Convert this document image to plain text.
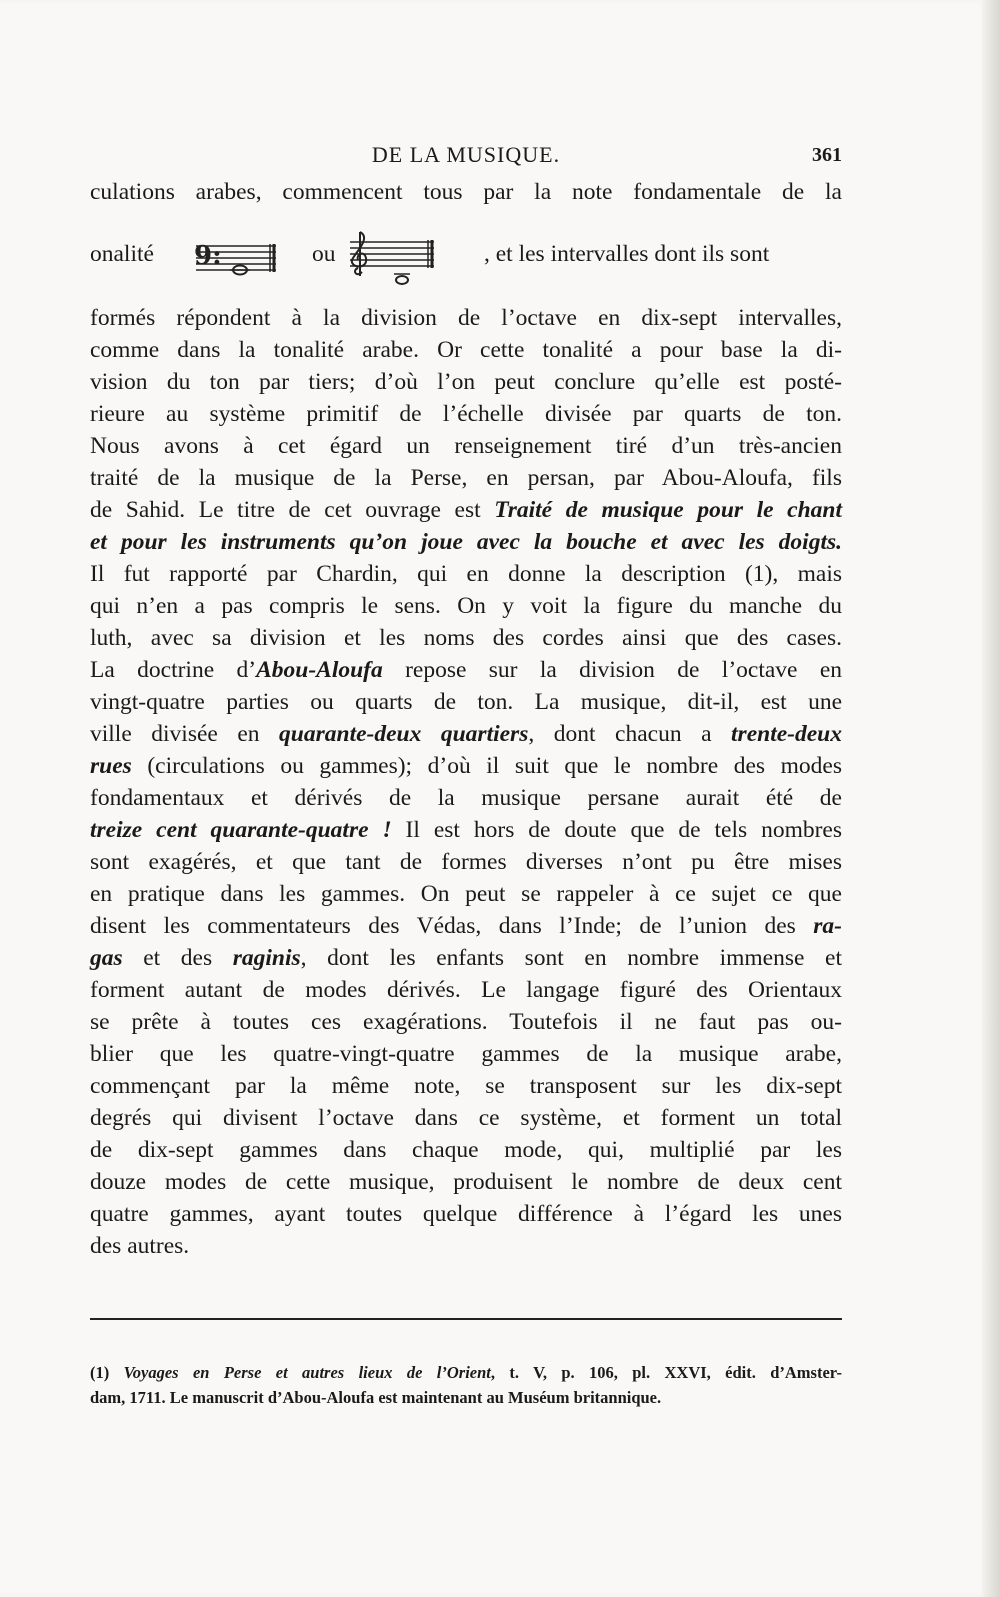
DE LA MUSIQUE.	361
culations arabes, commencent tous par la note fondamentale de la
onalité 9:	ou	, et les intervalles dont ils sont
formés répondent à la division de l’octave en dix-sept intervalles,
comme dans la tonalité arabe. Or cette tonalité a pour base la di-
vision du ton par tiers; d’où l’on peut conclure qu’elle est posté-
rieure au système primitif de l’échelle divisée par quarts de ton.
Nous avons à cet égard un renseignement tiré d’un très-ancien
traité de la musique de la Perse, en persan, par Abou-Aloufa, fils
de Sahid. Le titre de cet ouvrage est Traité de musique pour le chant
et pour les instruments qu’on joue avec la bouche et avec les doigts.
Il fut rapporté par Chardin, qui en donne la description (1), mais
qui n’en a pas compris le sens. On y voit la figure du manche du
luth, avec sa division et les noms des cordes ainsi que des cases.
La doctrine d’Abou-Aloufa repose sur la division de l’octave en
vingt-quatre parties ou quarts de ton. La musique, dit-il, est une
ville divisée en quarante-deux quartiers, dont chacun a trente-deux
rues (circulations ou gammes); d’où il suit que le nombre des modes
fondamentaux et dérivés de la musique persane aurait été de
treize cent quarante-quatre ! Il est hors de doute que de tels nombres
sont exagérés, et que tant de formes diverses n’ont pu être mises
en pratique dans les gammes. On peut se rappeler à ce sujet ce que
disent les commentateurs des Védas, dans l’Inde; de l’union des ra-
gas et des raginis, dont les enfants sont en nombre immense et
forment autant de modes dérivés. Le langage figuré des Orientaux
se prête à toutes ces exagérations. Toutefois il ne faut pas ou-
blier que les quatre-vingt-quatre gammes de la musique arabe,
commençant par la même note, se transposent sur les dix-sept
degrés qui divisent l’octave dans ce système, et forment un total
de dix-sept gammes dans chaque mode, qui, multiplié par les
douze modes de cette musique, produisent le nombre de deux cent
quatre gammes, ayant toutes quelque différence à l’égard les unes
des autres.
(1) Voyages en Perse et autres lieux de l’Orient, t. V, p. 106, pl. XXVI, édit. d’Amster-
dam, 1711. Le manuscrit d’Abou-Aloufa est maintenant au Muséum britannique.
